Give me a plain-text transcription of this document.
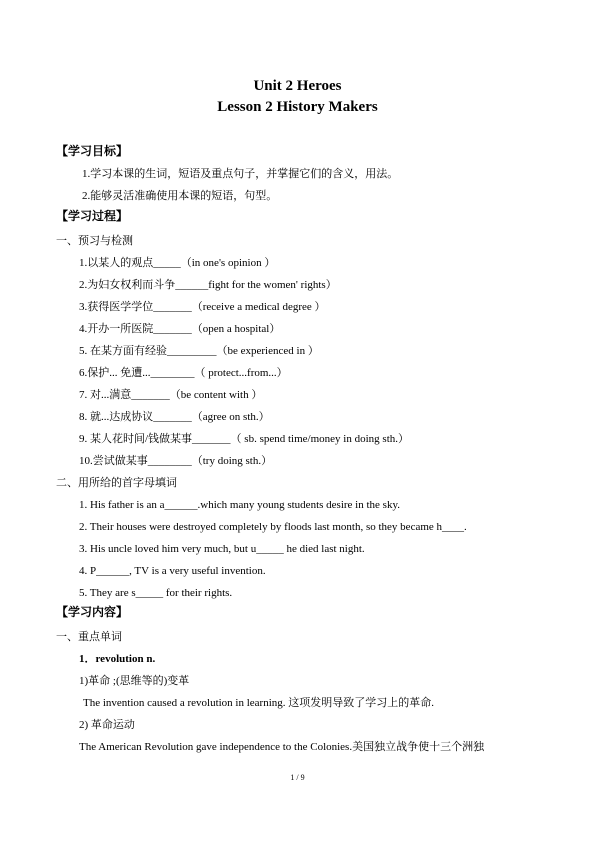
Unit 2 Heroes
Lesson 2 History Makers
【学习目标】
1.学习本课的生词，短语及重点句子，并掌握它们的含义，用法。
2.能够灵活准确使用本课的短语，句型。
【学习过程】
一、预习与检测
1.以某人的观点_____（in one's opinion ）
2.为妇女权利而斗争______fight for the women' rights）
3.获得医学学位_______（receive a medical degree ）
4.开办一所医院_______（open a hospital）
5. 在某方面有经验_________（be experienced in ）
6.保护... 免遭...________（ protect...from...）
7. 对...满意_______（be content with ）
8. 就...达成协议_______（agree on sth.）
9. 某人花时间/钱做某事_______（ sb. spend time/money in doing sth.）
10.尝试做某事________（try doing sth.）
二、用所给的首字母填词
1. His father is an a______.which many young students desire in the sky.
2. Their houses were destroyed completely by floods last month, so they became h____.
3. His uncle loved him very much, but u_____ he died last night.
4. P______, TV is a very useful invention.
5. They are s_____ for their rights.
【学习内容】
一、重点单词
1．revolution n.
1)革命 ;(思维等的)变革
The invention caused a revolution in learning. 这项发明导致了学习上的革命.
2) 革命运动
The American Revolution gave independence to the Colonies.美国独立战争使十三个洲独
1 / 9
